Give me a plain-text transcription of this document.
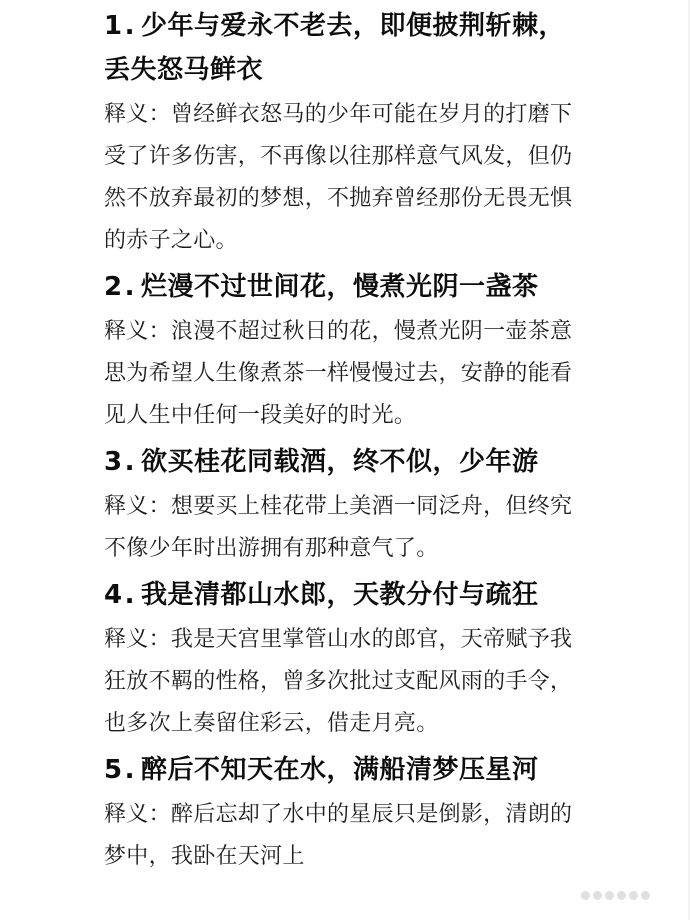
1. 少年与爱永不老去，即便披荆斩棘，丢失怒马鲜衣
释义：曾经鲜衣怒马的少年可能在岁月的打磨下受了许多伤害，不再像以往那样意气风发，但仍然不放弃最初的梦想，不抛弃曾经那份无畏无惧的赤子之心。
2. 烂漫不过世间花，慢煮光阴一盏茶
释义：浪漫不超过秋日的花，慢煮光阴一壶茶意思为希望人生像煮茶一样慢慢过去，安静的能看见人生中任何一段美好的时光。
3. 欲买桂花同载酒，终不似，少年游
释义：想要买上桂花带上美酒一同泛舟，但终究不像少年时出游拥有那种意气了。
4. 我是清都山水郎，天教分付与疏狂
释义：我是天宫里掌管山水的郎官，天帝赋予我狂放不羁的性格，曾多次批过支配风雨的手令，也多次上奏留住彩云，借走月亮。
5. 醉后不知天在水，满船清梦压星河
释义：醉后忘却了水中的星辰只是倒影，清朗的梦中，我卧在天河上
